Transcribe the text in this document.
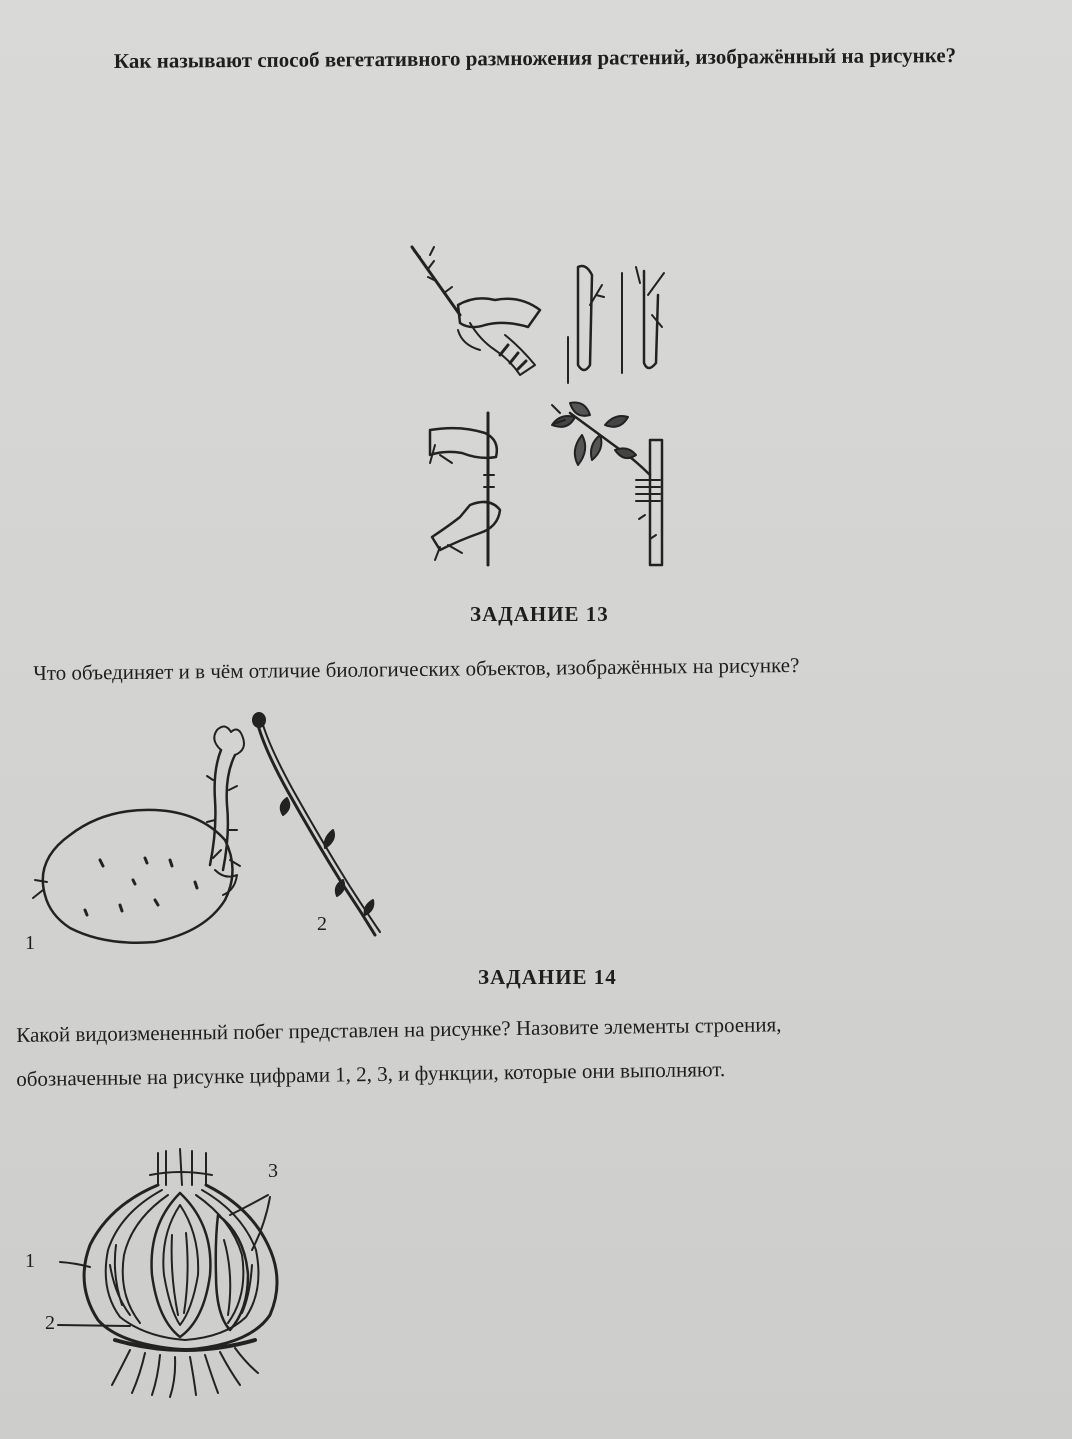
Как называют способ вегетативного размножения растений, изображённый на рисунке?
ЗАДАНИЕ 13
Что объединяет и в чём отличие биологических объектов, изображённых на рисунке?
1
2
ЗАДАНИЕ 14
Какой видоизмененный побег представлен на рисунке? Назовите элементы строения,
обозначенные на рисунке цифрами 1, 2, 3, и функции, которые они выполняют.
1
2
3
